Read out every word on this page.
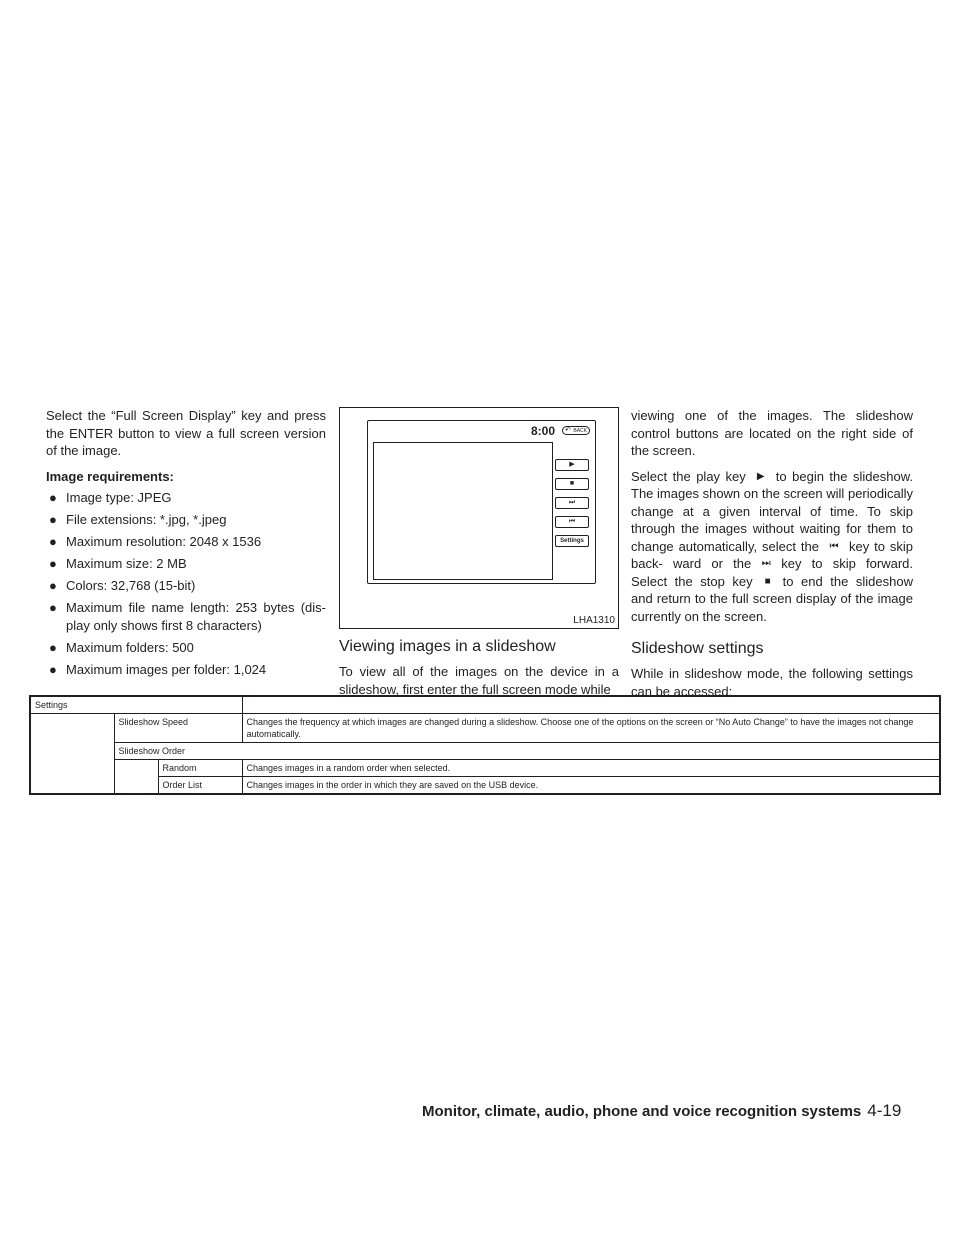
Select the “Full Screen Display” key and press the ENTER button to view a full screen version of the image.

Image requirements:

● Image type: JPEG
● File extensions: *.jpg, *.jpeg
● Maximum resolution: 2048 x 1536
● Maximum size: 2 MB
● Colors: 32,768 (15-bit)
● Maximum file name length: 253 bytes (dis- play only shows first 8 characters)
● Maximum folders: 500
● Maximum images per folder: 1,024
8:00 ↶ BACK
▶
■
⏭
⏮
Settings
LHA1310

Viewing images in a slideshow

To view all of the images on the device in a slideshow, first enter the full screen mode while

viewing one of the images. The slideshow control buttons are located on the right side of the screen.

Select the play key ▶ to begin the slideshow. The images shown on the screen will periodically change at a given interval of time. To skip through the images without waiting for them to change automatically, select the ⏮ key to skip back- ward or the ⏭ key to skip forward. Select the stop key ■ to end the slideshow and return to the full screen display of the image currently on the screen.

Slideshow settings

While in slideshow mode, the following settings can be accessed:

Settings			
	Slideshow Speed		Changes the frequency at which images are changed during a slideshow. Choose one of the options on the screen or “No Auto Change” to have the images not change automatically.
	Slideshow Order		
		Random	Changes images in a random order when selected.
		Order List	Changes images in the order in which they are saved on the USB device.
Monitor, climate, audio, phone and voice recognition systems 4-19
